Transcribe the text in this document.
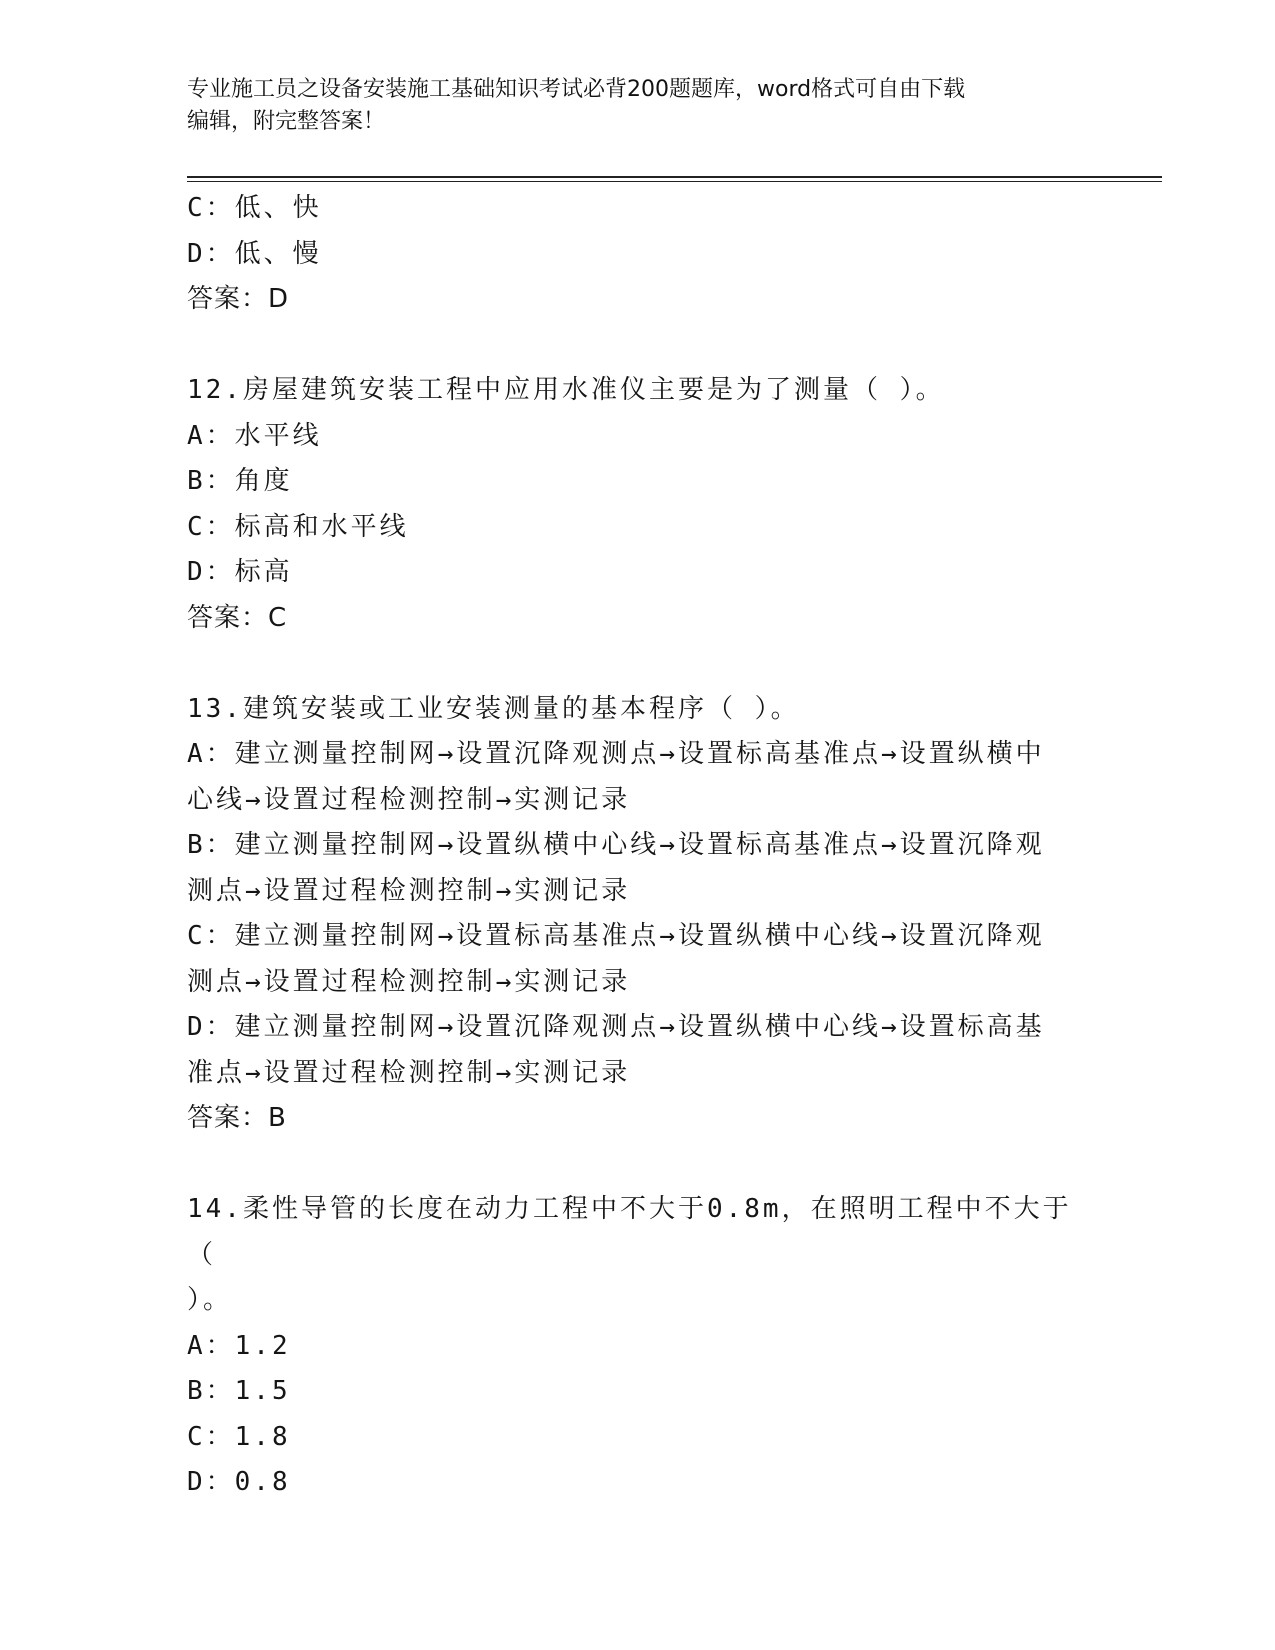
专业施工员之设备安装施工基础知识考试必背200题题库，word格式可自由下载
编辑，附完整答案！
C：低、快
D：低、慢
答案：D
12.房屋建筑安装工程中应用水准仪主要是为了测量（ ）。
A：水平线
B：角度
C：标高和水平线
D：标高
答案：C
13.建筑安装或工业安装测量的基本程序（ ）。
A：建立测量控制网→设置沉降观测点→设置标高基准点→设置纵横中
心线→设置过程检测控制→实测记录
B：建立测量控制网→设置纵横中心线→设置标高基准点→设置沉降观
测点→设置过程检测控制→实测记录
C：建立测量控制网→设置标高基准点→设置纵横中心线→设置沉降观
测点→设置过程检测控制→实测记录
D：建立测量控制网→设置沉降观测点→设置纵横中心线→设置标高基
准点→设置过程检测控制→实测记录
答案：B
14.柔性导管的长度在动力工程中不大于0.8m，在照明工程中不大于（
）。
A：1.2
B：1.5
C：1.8
D：0.8
